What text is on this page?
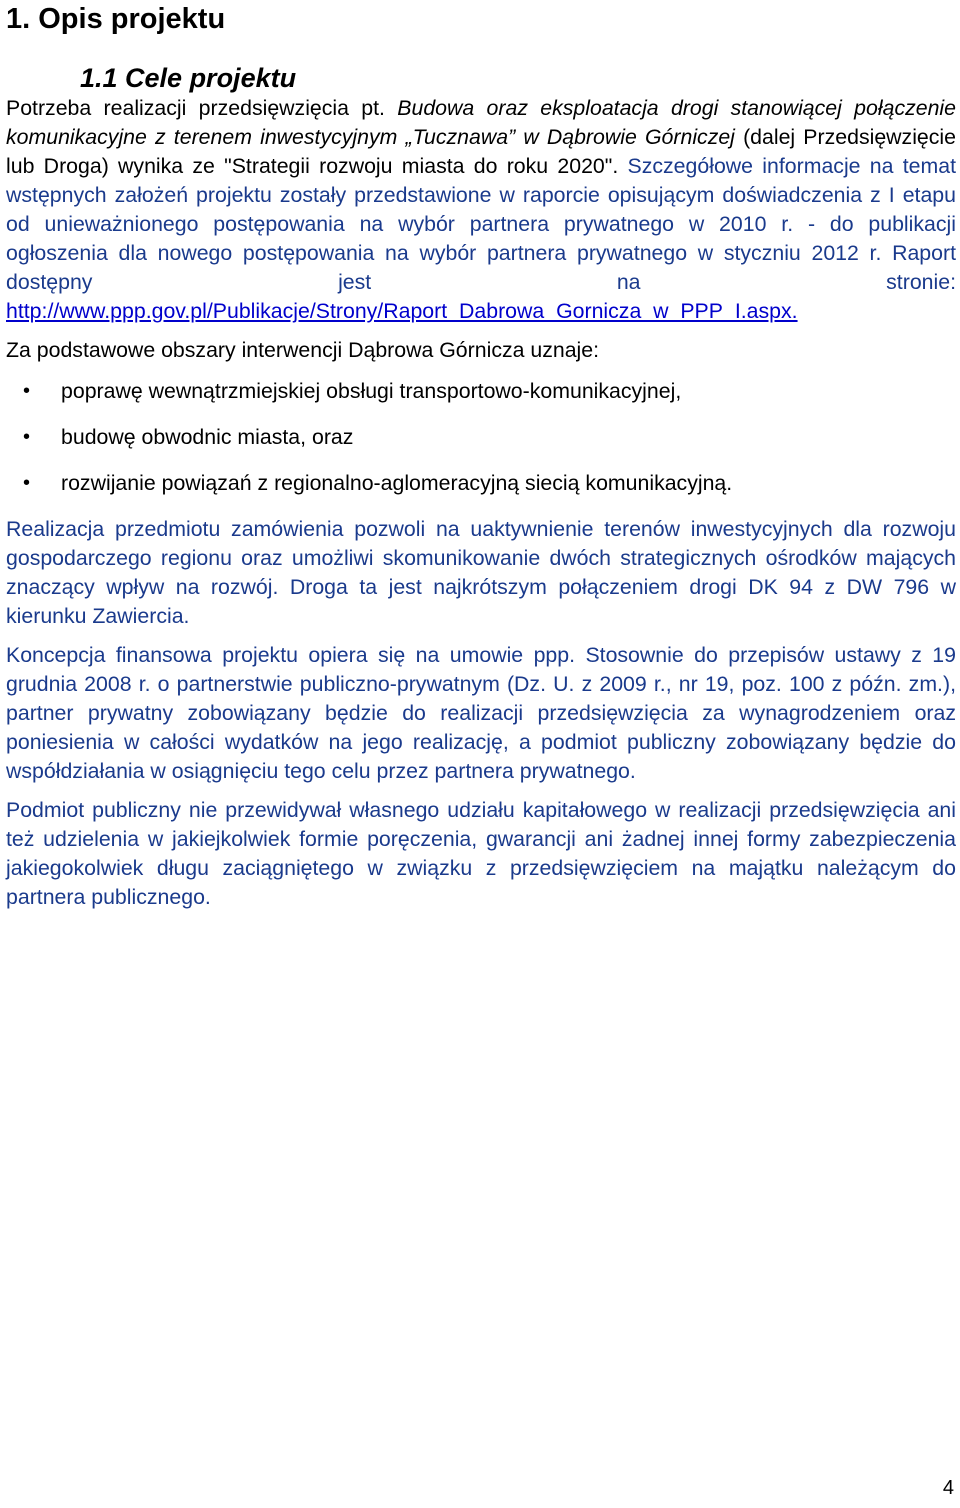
1. Opis projektu
1.1 Cele projektu

Potrzeba realizacji przedsięwzięcia pt. Budowa oraz eksploatacja drogi stanowiącej połączenie komunikacyjne z terenem inwestycyjnym „Tucznawa” w Dąbrowie Górniczej (dalej Przedsięwzięcie lub Droga) wynika ze "Strategii rozwoju miasta do roku 2020". Szczegółowe informacje na temat wstępnych założeń projektu zostały przedstawione w raporcie opisującym doświadczenia z I etapu od unieważnionego postępowania na wybór partnera prywatnego w 2010 r. - do publikacji ogłoszenia dla nowego postępowania na wybór partnera prywatnego w styczniu 2012 r. Raport dostępny jest na stronie: http://www.ppp.gov.pl/Publikacje/Strony/Raport_Dabrowa_Gornicza_w_PPP_I.aspx.

Za podstawowe obszary interwencji Dąbrowa Górnicza uznaje:

• poprawę wewnątrzmiejskiej obsługi transportowo-komunikacyjnej,
• budowę obwodnic miasta, oraz
• rozwijanie powiązań z regionalno-aglomeracyjną siecią komunikacyjną.

Realizacja przedmiotu zamówienia pozwoli na uaktywnienie terenów inwestycyjnych dla rozwoju gospodarczego regionu oraz umożliwi skomunikowanie dwóch strategicznych ośrodków mających znaczący wpływ na rozwój. Droga ta jest najkrótszym połączeniem drogi DK 94 z DW 796 w kierunku Zawiercia.

Koncepcja finansowa projektu opiera się na umowie ppp. Stosownie do przepisów ustawy z 19 grudnia 2008 r. o partnerstwie publiczno-prywatnym (Dz. U. z 2009 r., nr 19, poz. 100 z późn. zm.), partner prywatny zobowiązany będzie do realizacji przedsięwzięcia za wynagrodzeniem oraz poniesienia w całości wydatków na jego realizację, a podmiot publiczny zobowiązany będzie do współdziałania w osiągnięciu tego celu przez partnera prywatnego.

Podmiot publiczny nie przewidywał własnego udziału kapitałowego w realizacji przedsięwzięcia ani też udzielenia w jakiejkolwiek formie poręczenia, gwarancji ani żadnej innej formy zabezpieczenia jakiegokolwiek długu zaciągniętego w związku z przedsięwzięciem na majątku należącym do partnera publicznego.

4
